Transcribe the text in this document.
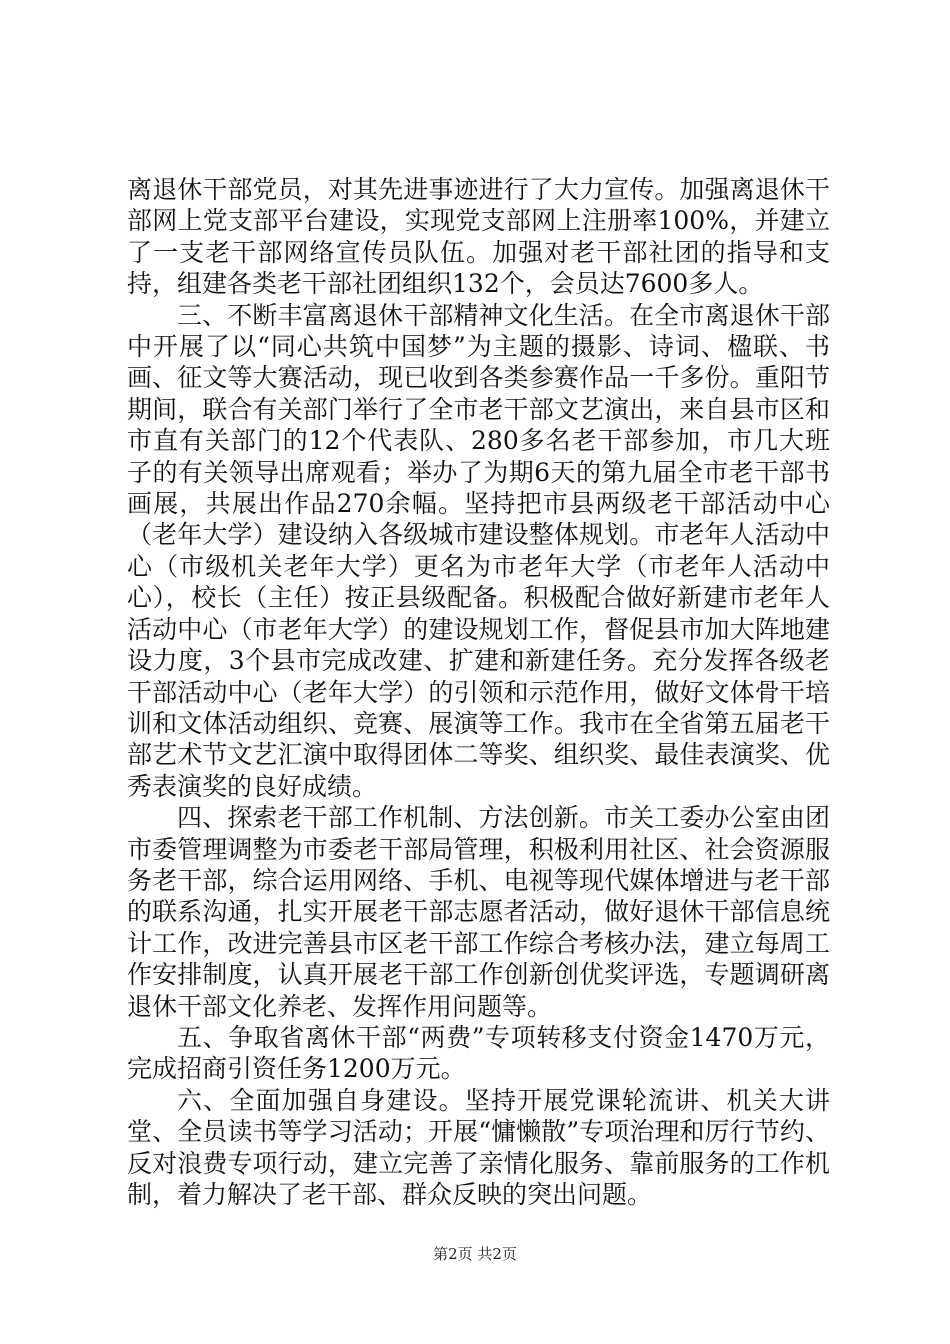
离退休干部党员，对其先进事迹进行了大力宣传。加强离退休干部网上党支部平台建设，实现党支部网上注册率100%，并建立了一支老干部网络宣传员队伍。加强对老干部社团的指导和支持，组建各类老干部社团组织132个，会员达7600多人。

三、不断丰富离退休干部精神文化生活。在全市离退休干部中开展了以“同心共筑中国梦”为主题的摄影、诗词、楹联、书画、征文等大赛活动，现已收到各类参赛作品一千多份。重阳节期间，联合有关部门举行了全市老干部文艺演出，来自县市区和市直有关部门的12个代表队、280多名老干部参加，市几大班子的有关领导出席观看；举办了为期6天的第九届全市老干部书画展，共展出作品270余幅。坚持把市县两级老干部活动中心（老年大学）建设纳入各级城市建设整体规划。市老年人活动中心（市级机关老年大学）更名为市老年大学（市老年人活动中心），校长（主任）按正县级配备。积极配合做好新建市老年人活动中心（市老年大学）的建设规划工作，督促县市加大阵地建设力度，3个县市完成改建、扩建和新建任务。充分发挥各级老干部活动中心（老年大学）的引领和示范作用，做好文体骨干培训和文体活动组织、竞赛、展演等工作。我市在全省第五届老干部艺术节文艺汇演中取得团体二等奖、组织奖、最佳表演奖、优秀表演奖的良好成绩。

四、探索老干部工作机制、方法创新。市关工委办公室由团市委管理调整为市委老干部局管理，积极利用社区、社会资源服务老干部，综合运用网络、手机、电视等现代媒体增进与老干部的联系沟通，扎实开展老干部志愿者活动，做好退休干部信息统计工作，改进完善县市区老干部工作综合考核办法，建立每周工作安排制度，认真开展老干部工作创新创优奖评选，专题调研离退休干部文化养老、发挥作用问题等。

五、争取省离休干部“两费”专项转移支付资金1470万元，完成招商引资任务1200万元。

六、全面加强自身建设。坚持开展党课轮流讲、机关大讲堂、全员读书等学习活动；开展“慵懒散”专项治理和厉行节约、反对浪费专项行动，建立完善了亲情化服务、靠前服务的工作机制，着力解决了老干部、群众反映的突出问题。

第2页 共2页
